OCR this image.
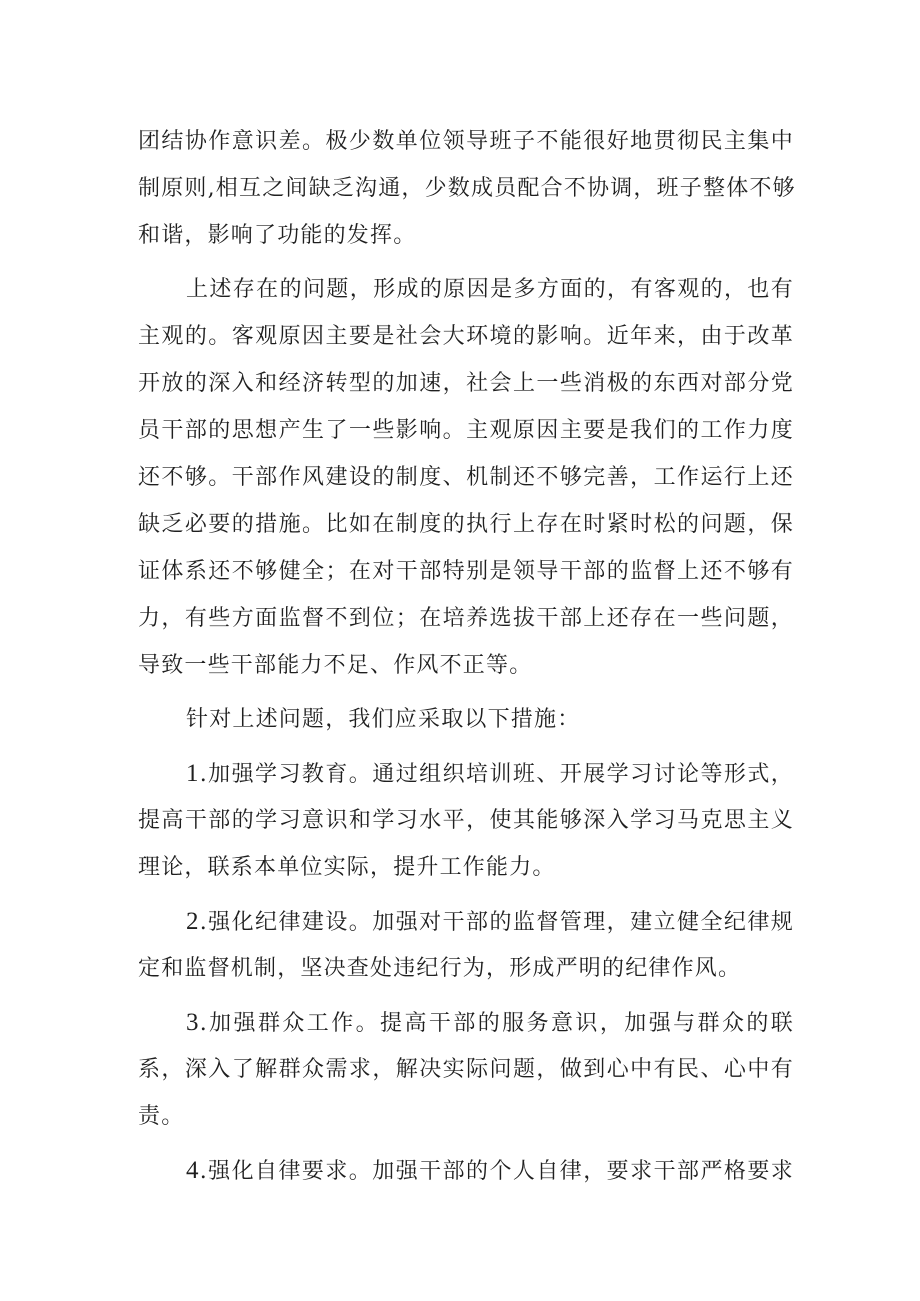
团结协作意识差。极少数单位领导班子不能很好地贯彻民主集中
制原则,相互之间缺乏沟通，少数成员配合不协调，班子整体不够
和谐，影响了功能的发挥。
上述存在的问题，形成的原因是多方面的，有客观的，也有
主观的。客观原因主要是社会大环境的影响。近年来，由于改革
开放的深入和经济转型的加速，社会上一些消极的东西对部分党
员干部的思想产生了一些影响。主观原因主要是我们的工作力度
还不够。干部作风建设的制度、机制还不够完善，工作运行上还
缺乏必要的措施。比如在制度的执行上存在时紧时松的问题，保
证体系还不够健全；在对干部特别是领导干部的监督上还不够有
力，有些方面监督不到位；在培养选拔干部上还存在一些问题，
导致一些干部能力不足、作风不正等。
针对上述问题，我们应采取以下措施：
1.加强学习教育。通过组织培训班、开展学习讨论等形式，
提高干部的学习意识和学习水平，使其能够深入学习马克思主义
理论，联系本单位实际，提升工作能力。
2.强化纪律建设。加强对干部的监督管理，建立健全纪律规
定和监督机制，坚决查处违纪行为，形成严明的纪律作风。
3.加强群众工作。提高干部的服务意识，加强与群众的联
系，深入了解群众需求，解决实际问题，做到心中有民、心中有
责。
4.强化自律要求。加强干部的个人自律，要求干部严格要求
